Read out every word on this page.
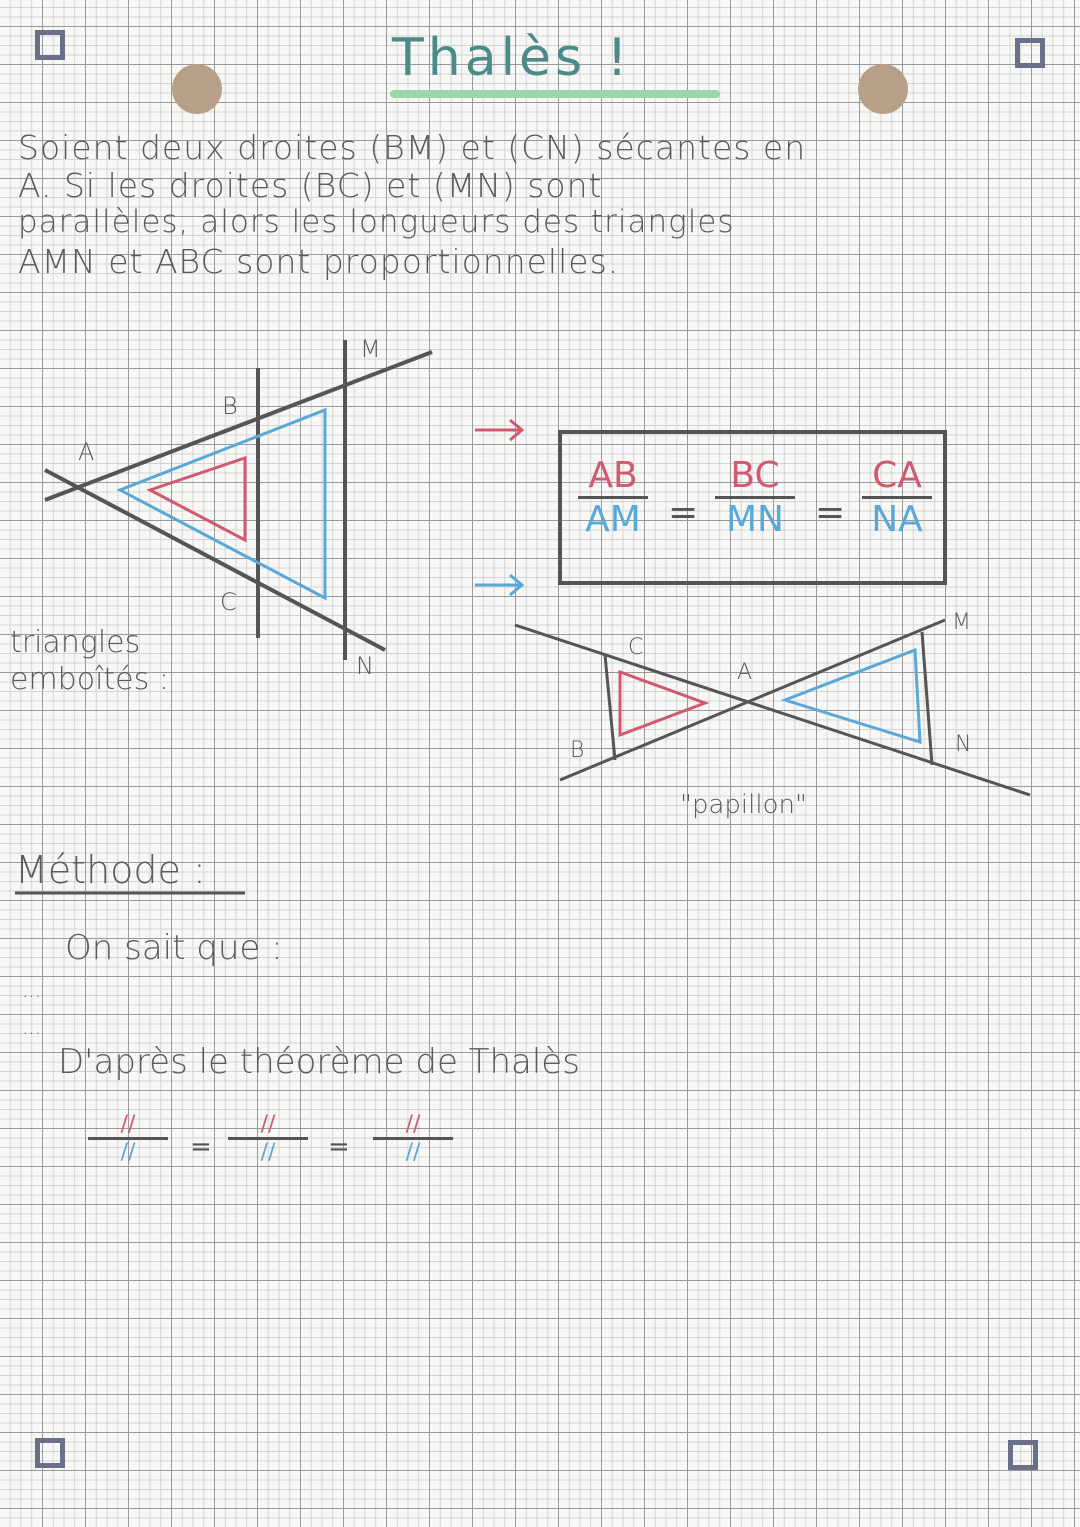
Thalès !
Soient deux droites (BM) et (CN) sécantes en
A. Si les droites (BC) et (MN) sont
parallèles, alors les longueurs des triangles
AMN et ABC sont proportionnelles.
A
B
M
C
N
triangles
emboîtés :
$\frac{AB}{AM} = \frac{BC}{MN} = \frac{CA}{NA}$
C
A
B
M
N
"papillon"
Méthode :
On sait que :
...
...
D'après le théorème de Thalès
//
//	=
//
//	=
//
//
